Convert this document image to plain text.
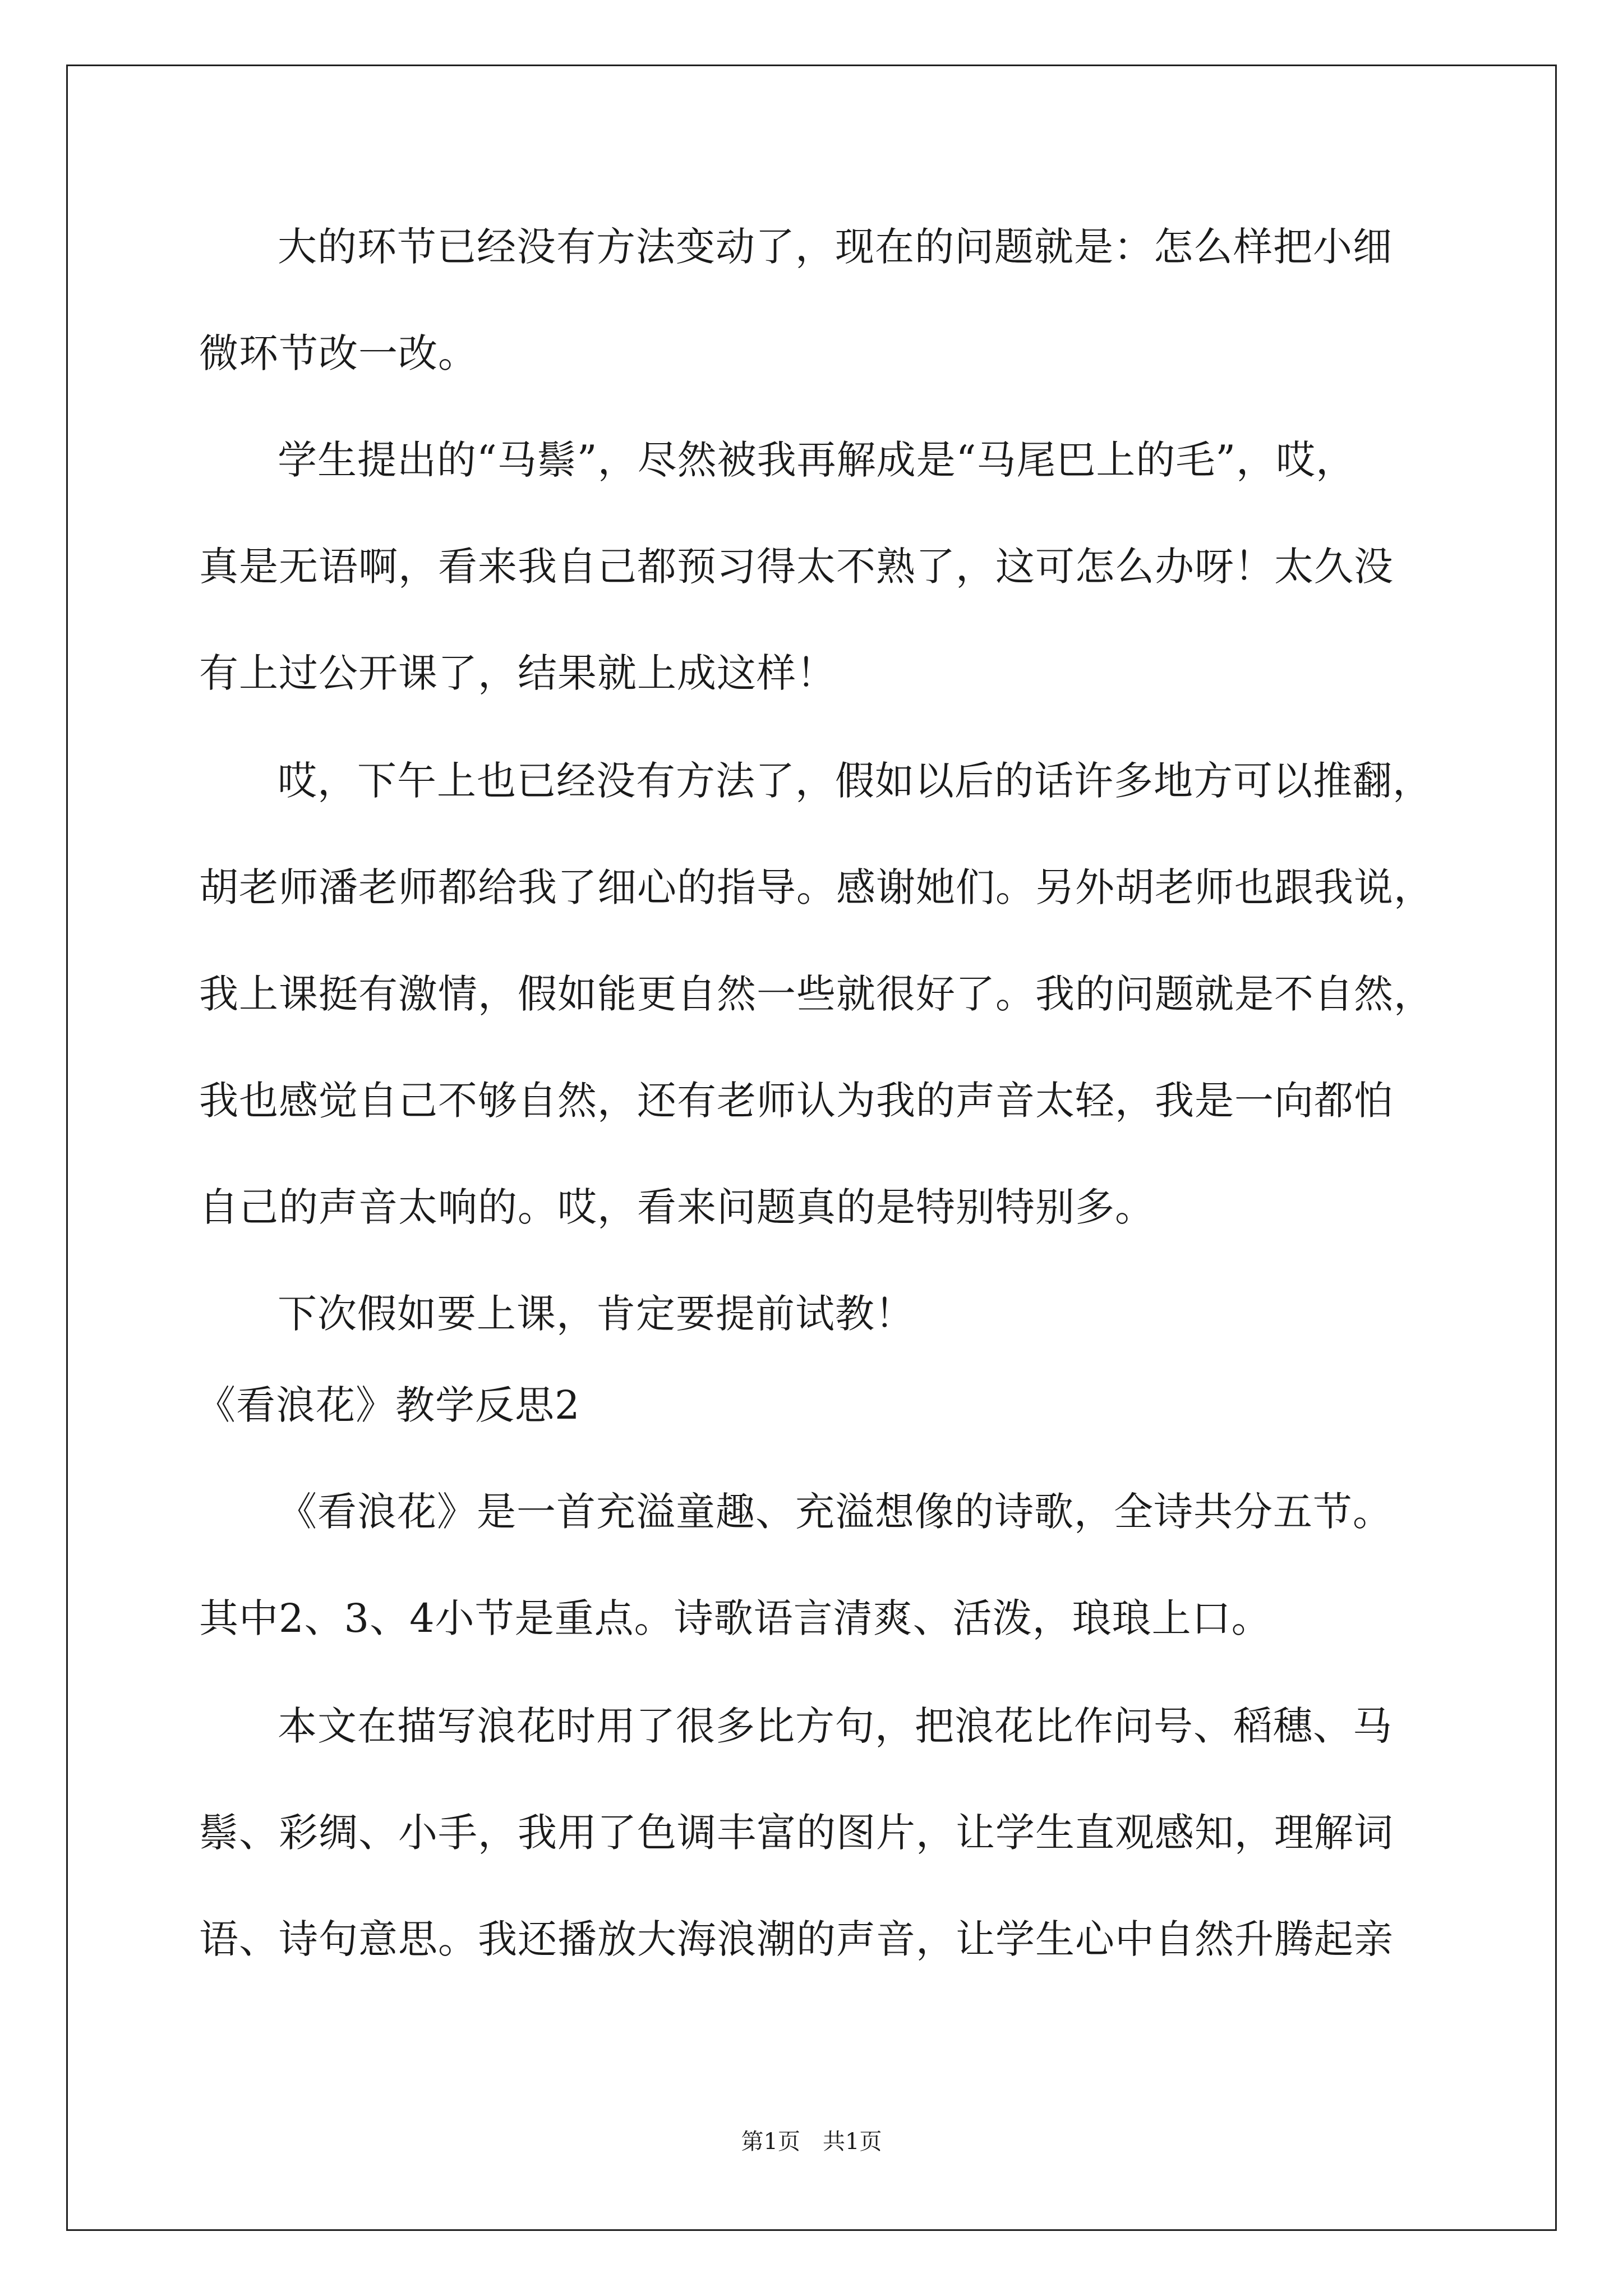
大的环节已经没有方法变动了，现在的问题就是：怎么样把小细

微环节改一改。

学生提出的“马鬃”，尽然被我再解成是“马尾巴上的毛”，哎，

真是无语啊，看来我自己都预习得太不熟了，这可怎么办呀！太久没

有上过公开课了，结果就上成这样！

哎，下午上也已经没有方法了，假如以后的话许多地方可以推翻，

胡老师潘老师都给我了细心的指导。感谢她们。另外胡老师也跟我说，

我上课挺有激情，假如能更自然一些就很好了。我的问题就是不自然，

我也感觉自己不够自然，还有老师认为我的声音太轻，我是一向都怕

自己的声音太响的。哎，看来问题真的是特别特别多。

下次假如要上课，肯定要提前试教！

《看浪花》教学反思2

《看浪花》是一首充溢童趣、充溢想像的诗歌，全诗共分五节。

其中2、3、4小节是重点。诗歌语言清爽、活泼，琅琅上口。

本文在描写浪花时用了很多比方句，把浪花比作问号、稻穗、马

鬃、彩绸、小手，我用了色调丰富的图片，让学生直观感知，理解词

语、诗句意思。我还播放大海浪潮的声音，让学生心中自然升腾起亲

第1页　共1页
